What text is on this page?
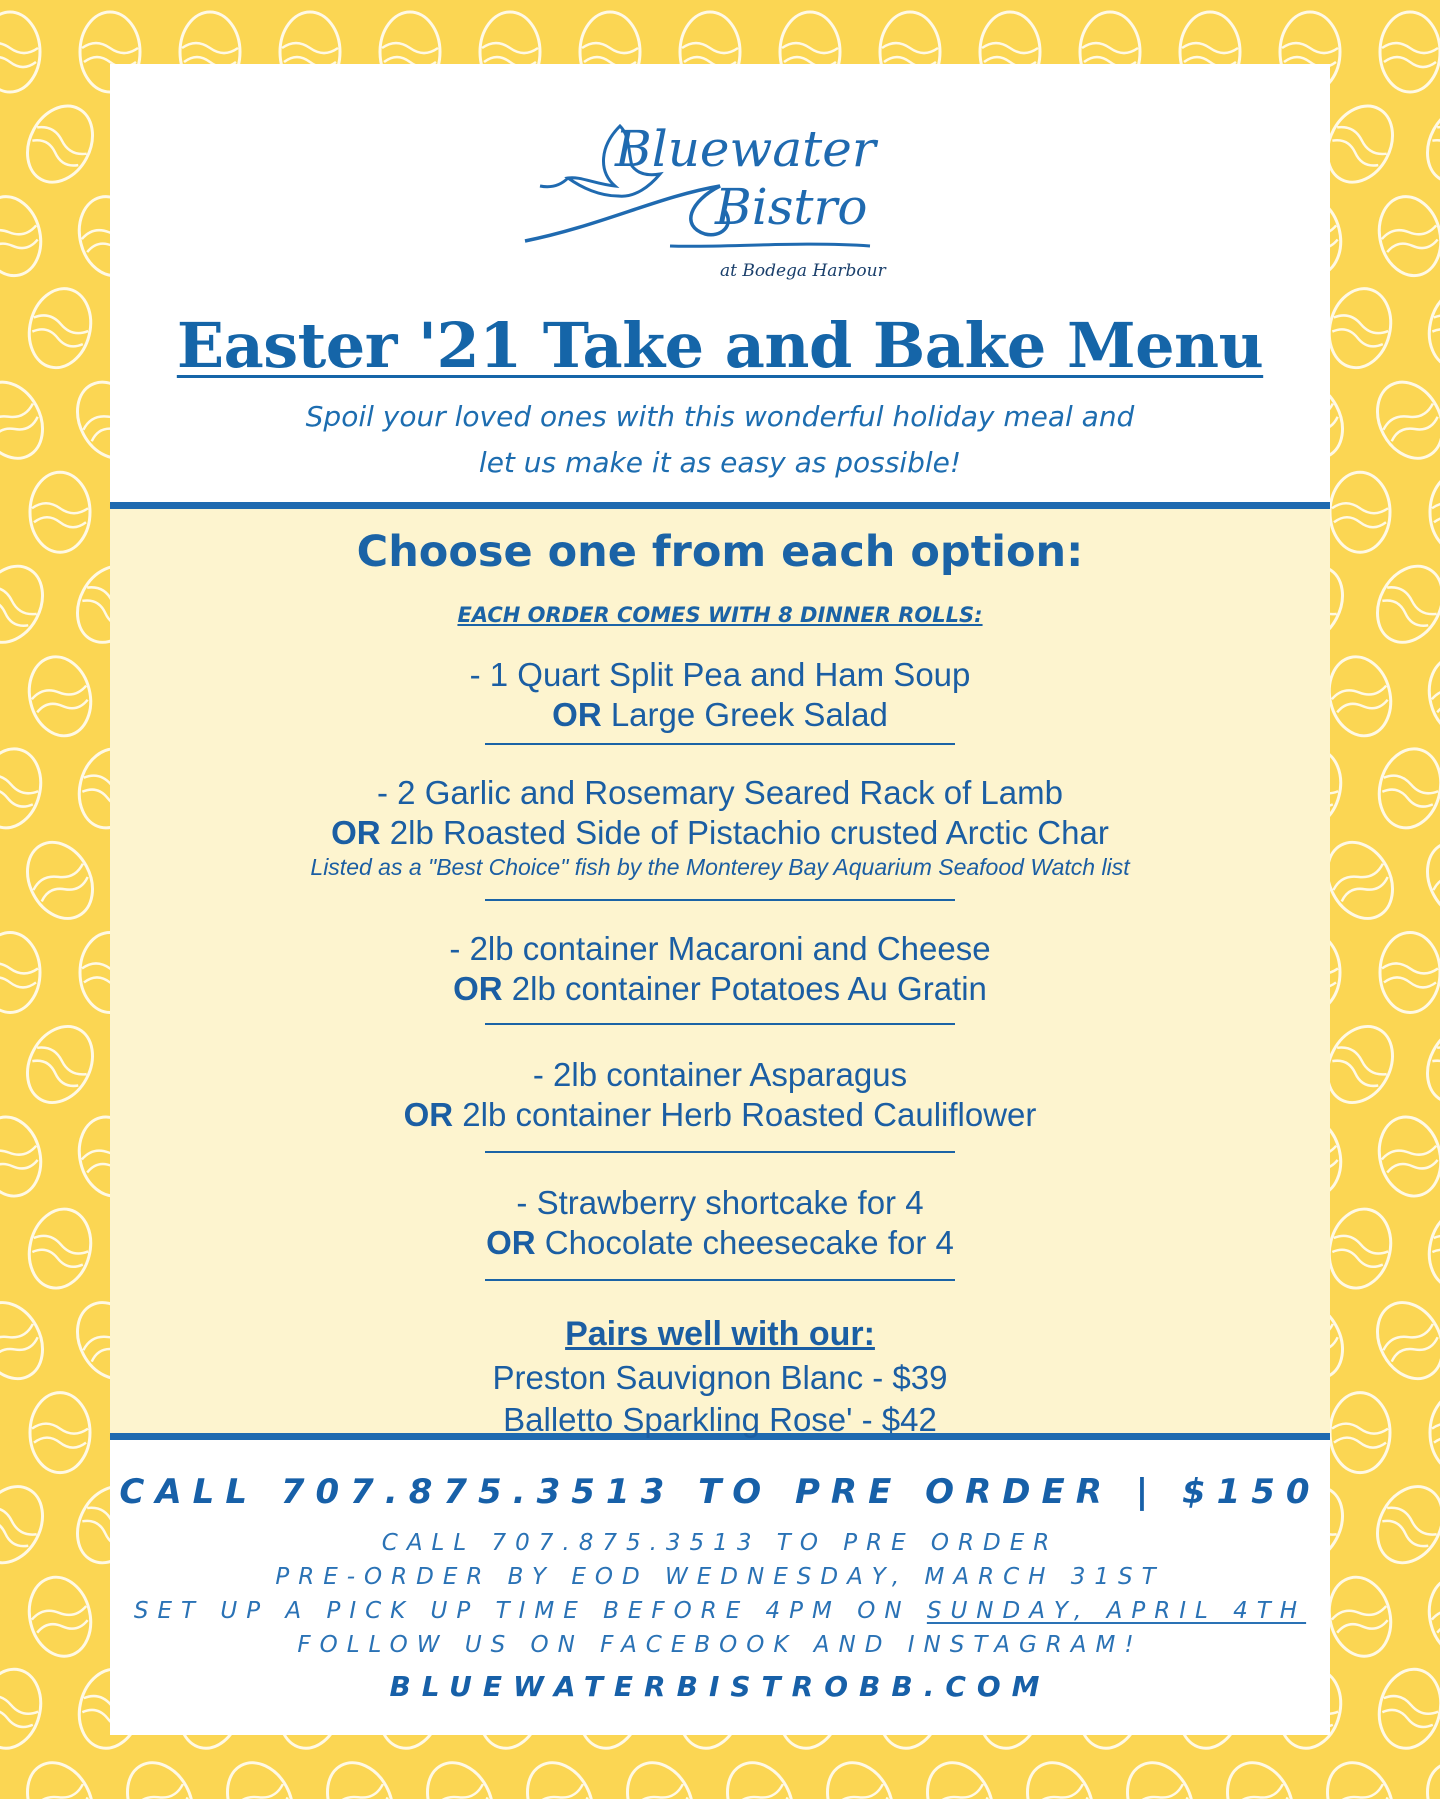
Bluewater
Bistro
at Bodega Harbour
Easter '21 Take and Bake Menu
Spoil your loved ones with this wonderful holiday meal and
let us make it as easy as possible!
Choose one from each option:
EACH ORDER COMES WITH 8 DINNER ROLLS:
- 1 Quart Split Pea and Ham Soup
OR Large Greek Salad
- 2 Garlic and Rosemary Seared Rack of Lamb
OR 2lb Roasted Side of Pistachio crusted Arctic Char
Listed as a "Best Choice" fish by the Monterey Bay Aquarium Seafood Watch list
- 2lb container Macaroni and Cheese
OR 2lb container Potatoes Au Gratin
- 2lb container Asparagus
OR 2lb container Herb Roasted Cauliflower
- Strawberry shortcake for 4
OR Chocolate cheesecake for 4
Pairs well with our:
Preston Sauvignon Blanc - $39
Balletto Sparkling Rose' - $42
CALL 707.875.3513 TO PRE ORDER | $150
CALL 707.875.3513 TO PRE ORDER
PRE-ORDER BY EOD WEDNESDAY, MARCH 31ST
SET UP A PICK UP TIME BEFORE 4PM ON SUNDAY, APRIL 4TH
FOLLOW US ON FACEBOOK AND INSTAGRAM!
BLUEWATERBISTROBB.COM
